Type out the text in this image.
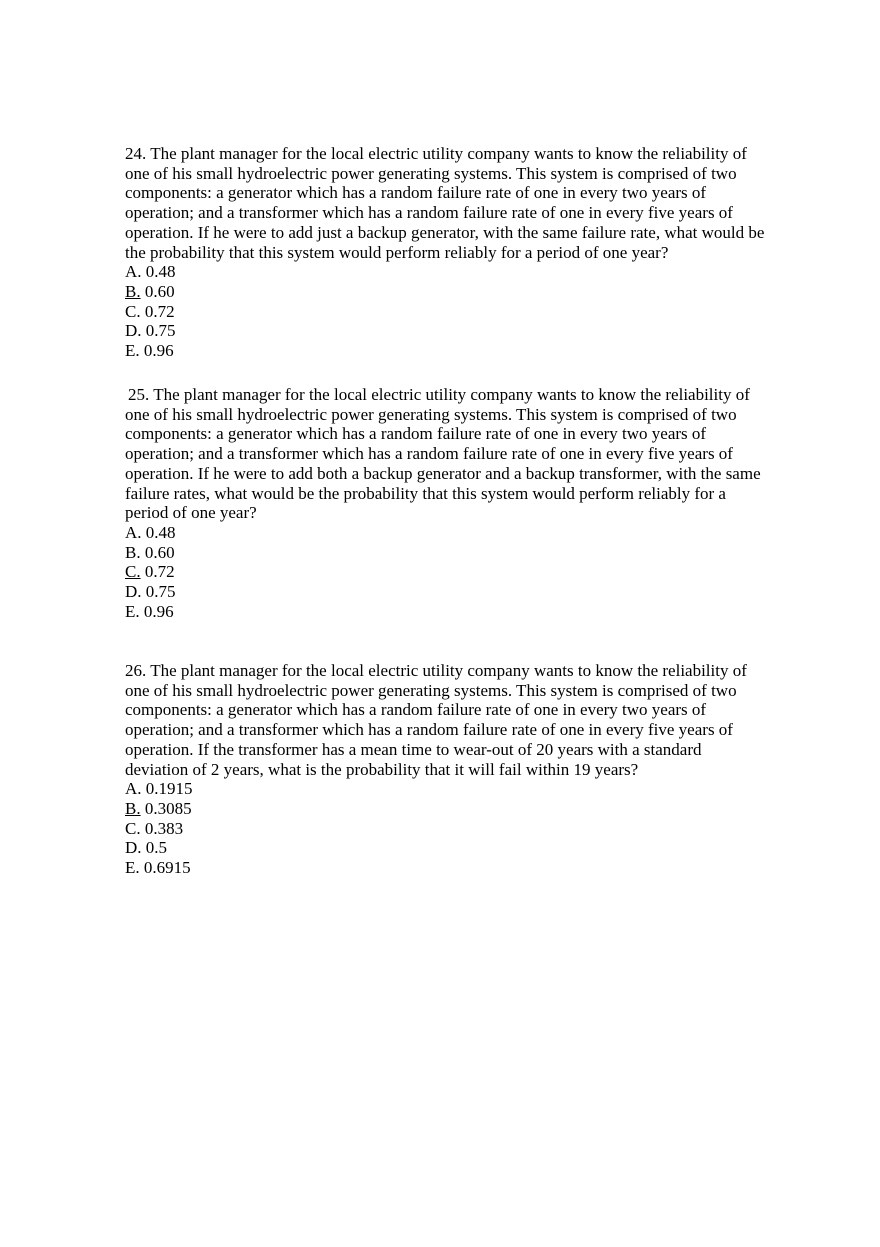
24. The plant manager for the local electric utility company wants to know the reliability of
one of his small hydroelectric power generating systems. This system is comprised of two
components: a generator which has a random failure rate of one in every two years of
operation; and a transformer which has a random failure rate of one in every five years of
operation. If he were to add just a backup generator, with the same failure rate, what would be
the probability that this system would perform reliably for a period of one year?
A. 0.48
B. 0.60
C. 0.72
D. 0.75
E. 0.96
25. The plant manager for the local electric utility company wants to know the reliability of
one of his small hydroelectric power generating systems. This system is comprised of two
components: a generator which has a random failure rate of one in every two years of
operation; and a transformer which has a random failure rate of one in every five years of
operation. If he were to add both a backup generator and a backup transformer, with the same
failure rates, what would be the probability that this system would perform reliably for a
period of one year?
A. 0.48
B. 0.60
C. 0.72
D. 0.75
E. 0.96
26. The plant manager for the local electric utility company wants to know the reliability of
one of his small hydroelectric power generating systems. This system is comprised of two
components: a generator which has a random failure rate of one in every two years of
operation; and a transformer which has a random failure rate of one in every five years of
operation. If the transformer has a mean time to wear-out of 20 years with a standard
deviation of 2 years, what is the probability that it will fail within 19 years?
A. 0.1915
B. 0.3085
C. 0.383
D. 0.5
E. 0.6915
